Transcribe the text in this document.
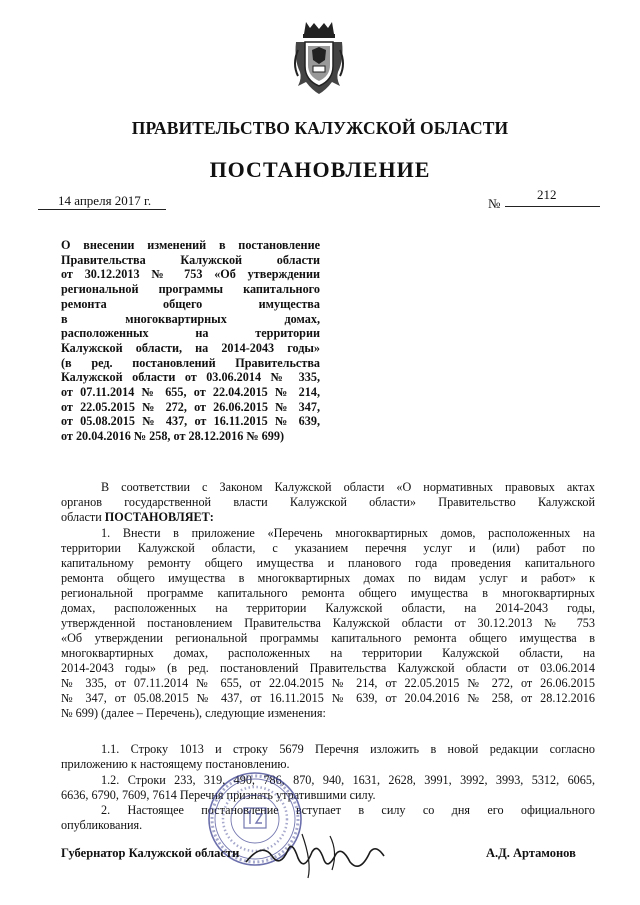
ПРАВИТЕЛЬСТВО КАЛУЖСКОЙ ОБЛАСТИ
ПОСТАНОВЛЕНИЕ
14 апреля 2017 г.	№
212
О внесении изменений в постановление
Правительства Калужской области
от 30.12.2013 № 753 «Об утверждении
региональной программы капитального
ремонта общего имущества
в многоквартирных домах,
расположенных на территории
Калужской области, на 2014-2043 годы»
(в ред. постановлений Правительства
Калужской области от 03.06.2014 № 335,
от 07.11.2014 № 655, от 22.04.2015 № 214,
от 22.05.2015 № 272, от 26.06.2015 № 347,
от 05.08.2015 № 437, от 16.11.2015 № 639,
от 20.04.2016 № 258, от 28.12.2016 № 699)
В соответствии с Законом Калужской области «О нормативных правовых актах
органов государственной власти Калужской области» Правительство Калужской
области ПОСТАНОВЛЯЕТ:
1. Внести в приложение «Перечень многоквартирных домов, расположенных на
территории Калужской области, с указанием перечня услуг и (или) работ по
капитальному ремонту общего имущества и планового года проведения капитального
ремонта общего имущества в многоквартирных домах по видам услуг и работ» к
региональной программе капитального ремонта общего имущества в многоквартирных
домах, расположенных на территории Калужской области, на 2014-2043 годы,
утвержденной постановлением Правительства Калужской области от 30.12.2013 № 753
«Об утверждении региональной программы капитального ремонта общего имущества в
многоквартирных домах, расположенных на территории Калужской области, на
2014-2043 годы» (в ред. постановлений Правительства Калужской области от 03.06.2014
№ 335, от 07.11.2014 № 655, от 22.04.2015 № 214, от 22.05.2015 № 272, от 26.06.2015
№ 347, от 05.08.2015 № 437, от 16.11.2015 № 639, от 20.04.2016 № 258, от 28.12.2016
№ 699) (далее – Перечень), следующие изменения:
1.1. Строку 1013 и строку 5679 Перечня изложить в новой редакции согласно
приложению к настоящему постановлению.
1.2. Строки 233, 319, 490, 786, 870, 940, 1631, 2628, 3991, 3992, 3993, 5312, 6065,
6636, 6790, 7609, 7614 Перечня признать утратившими силу.
2. Настоящее постановление вступает в силу со дня его официального
опубликования.
Губернатор Калужской области	А.Д. Артамонов
